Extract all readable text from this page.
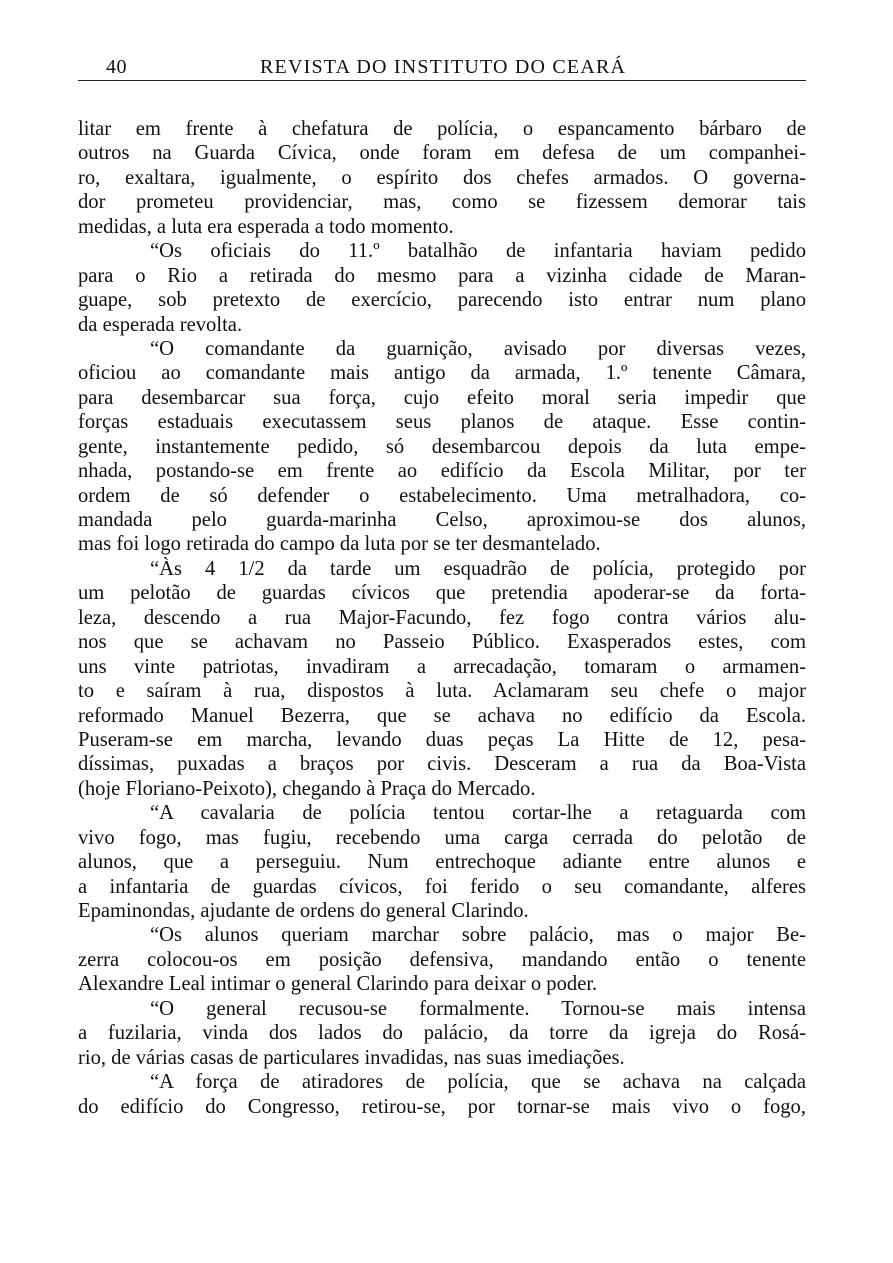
40	REVISTA DO INSTITUTO DO CEARÁ
litar em frente à chefatura de polícia, o espancamento bárbaro de
outros na Guarda Cívica, onde foram em defesa de um companhei-
ro, exaltara, igualmente, o espírito dos chefes armados. O governa-
dor prometeu providenciar, mas, como se fizessem demorar tais
medidas, a luta era esperada a todo momento.
“Os oficiais do 11.º batalhão de infantaria haviam pedido
para o Rio a retirada do mesmo para a vizinha cidade de Maran-
guape, sob pretexto de exercício, parecendo isto entrar num plano
da esperada revolta.
“O comandante da guarnição, avisado por diversas vezes,
oficiou ao comandante mais antigo da armada, 1.º tenente Câmara,
para desembarcar sua força, cujo efeito moral seria impedir que
forças estaduais executassem seus planos de ataque. Esse contin-
gente, instantemente pedido, só desembarcou depois da luta empe-
nhada, postando-se em frente ao edifício da Escola Militar, por ter
ordem de só defender o estabelecimento. Uma metralhadora, co-
mandada pelo guarda-marinha Celso, aproximou-se dos alunos,
mas foi logo retirada do campo da luta por se ter desmantelado.
“Às 4 1/2 da tarde um esquadrão de polícia, protegido por
um pelotão de guardas cívicos que pretendia apoderar-se da forta-
leza, descendo a rua Major-Facundo, fez fogo contra vários alu-
nos que se achavam no Passeio Público. Exasperados estes, com
uns vinte patriotas, invadiram a arrecadação, tomaram o armamen-
to e saíram à rua, dispostos à luta. Aclamaram seu chefe o major
reformado Manuel Bezerra, que se achava no edifício da Escola.
Puseram-se em marcha, levando duas peças La Hitte de 12, pesa-
díssimas, puxadas a braços por civis. Desceram a rua da Boa-Vista
(hoje Floriano-Peixoto), chegando à Praça do Mercado.
“A cavalaria de polícia tentou cortar-lhe a retaguarda com
vivo fogo, mas fugiu, recebendo uma carga cerrada do pelotão de
alunos, que a perseguiu. Num entrechoque adiante entre alunos e
a infantaria de guardas cívicos, foi ferido o seu comandante, alferes
Epaminondas, ajudante de ordens do general Clarindo.
“Os alunos queriam marchar sobre palácio, mas o major Be-
zerra colocou-os em posição defensiva, mandando então o tenente
Alexandre Leal intimar o general Clarindo para deixar o poder.
“O general recusou-se formalmente. Tornou-se mais intensa
a fuzilaria, vinda dos lados do palácio, da torre da igreja do Rosá-
rio, de várias casas de particulares invadidas, nas suas imediações.
“A força de atiradores de polícia, que se achava na calçada
do edifício do Congresso, retirou-se, por tornar-se mais vivo o fogo,
